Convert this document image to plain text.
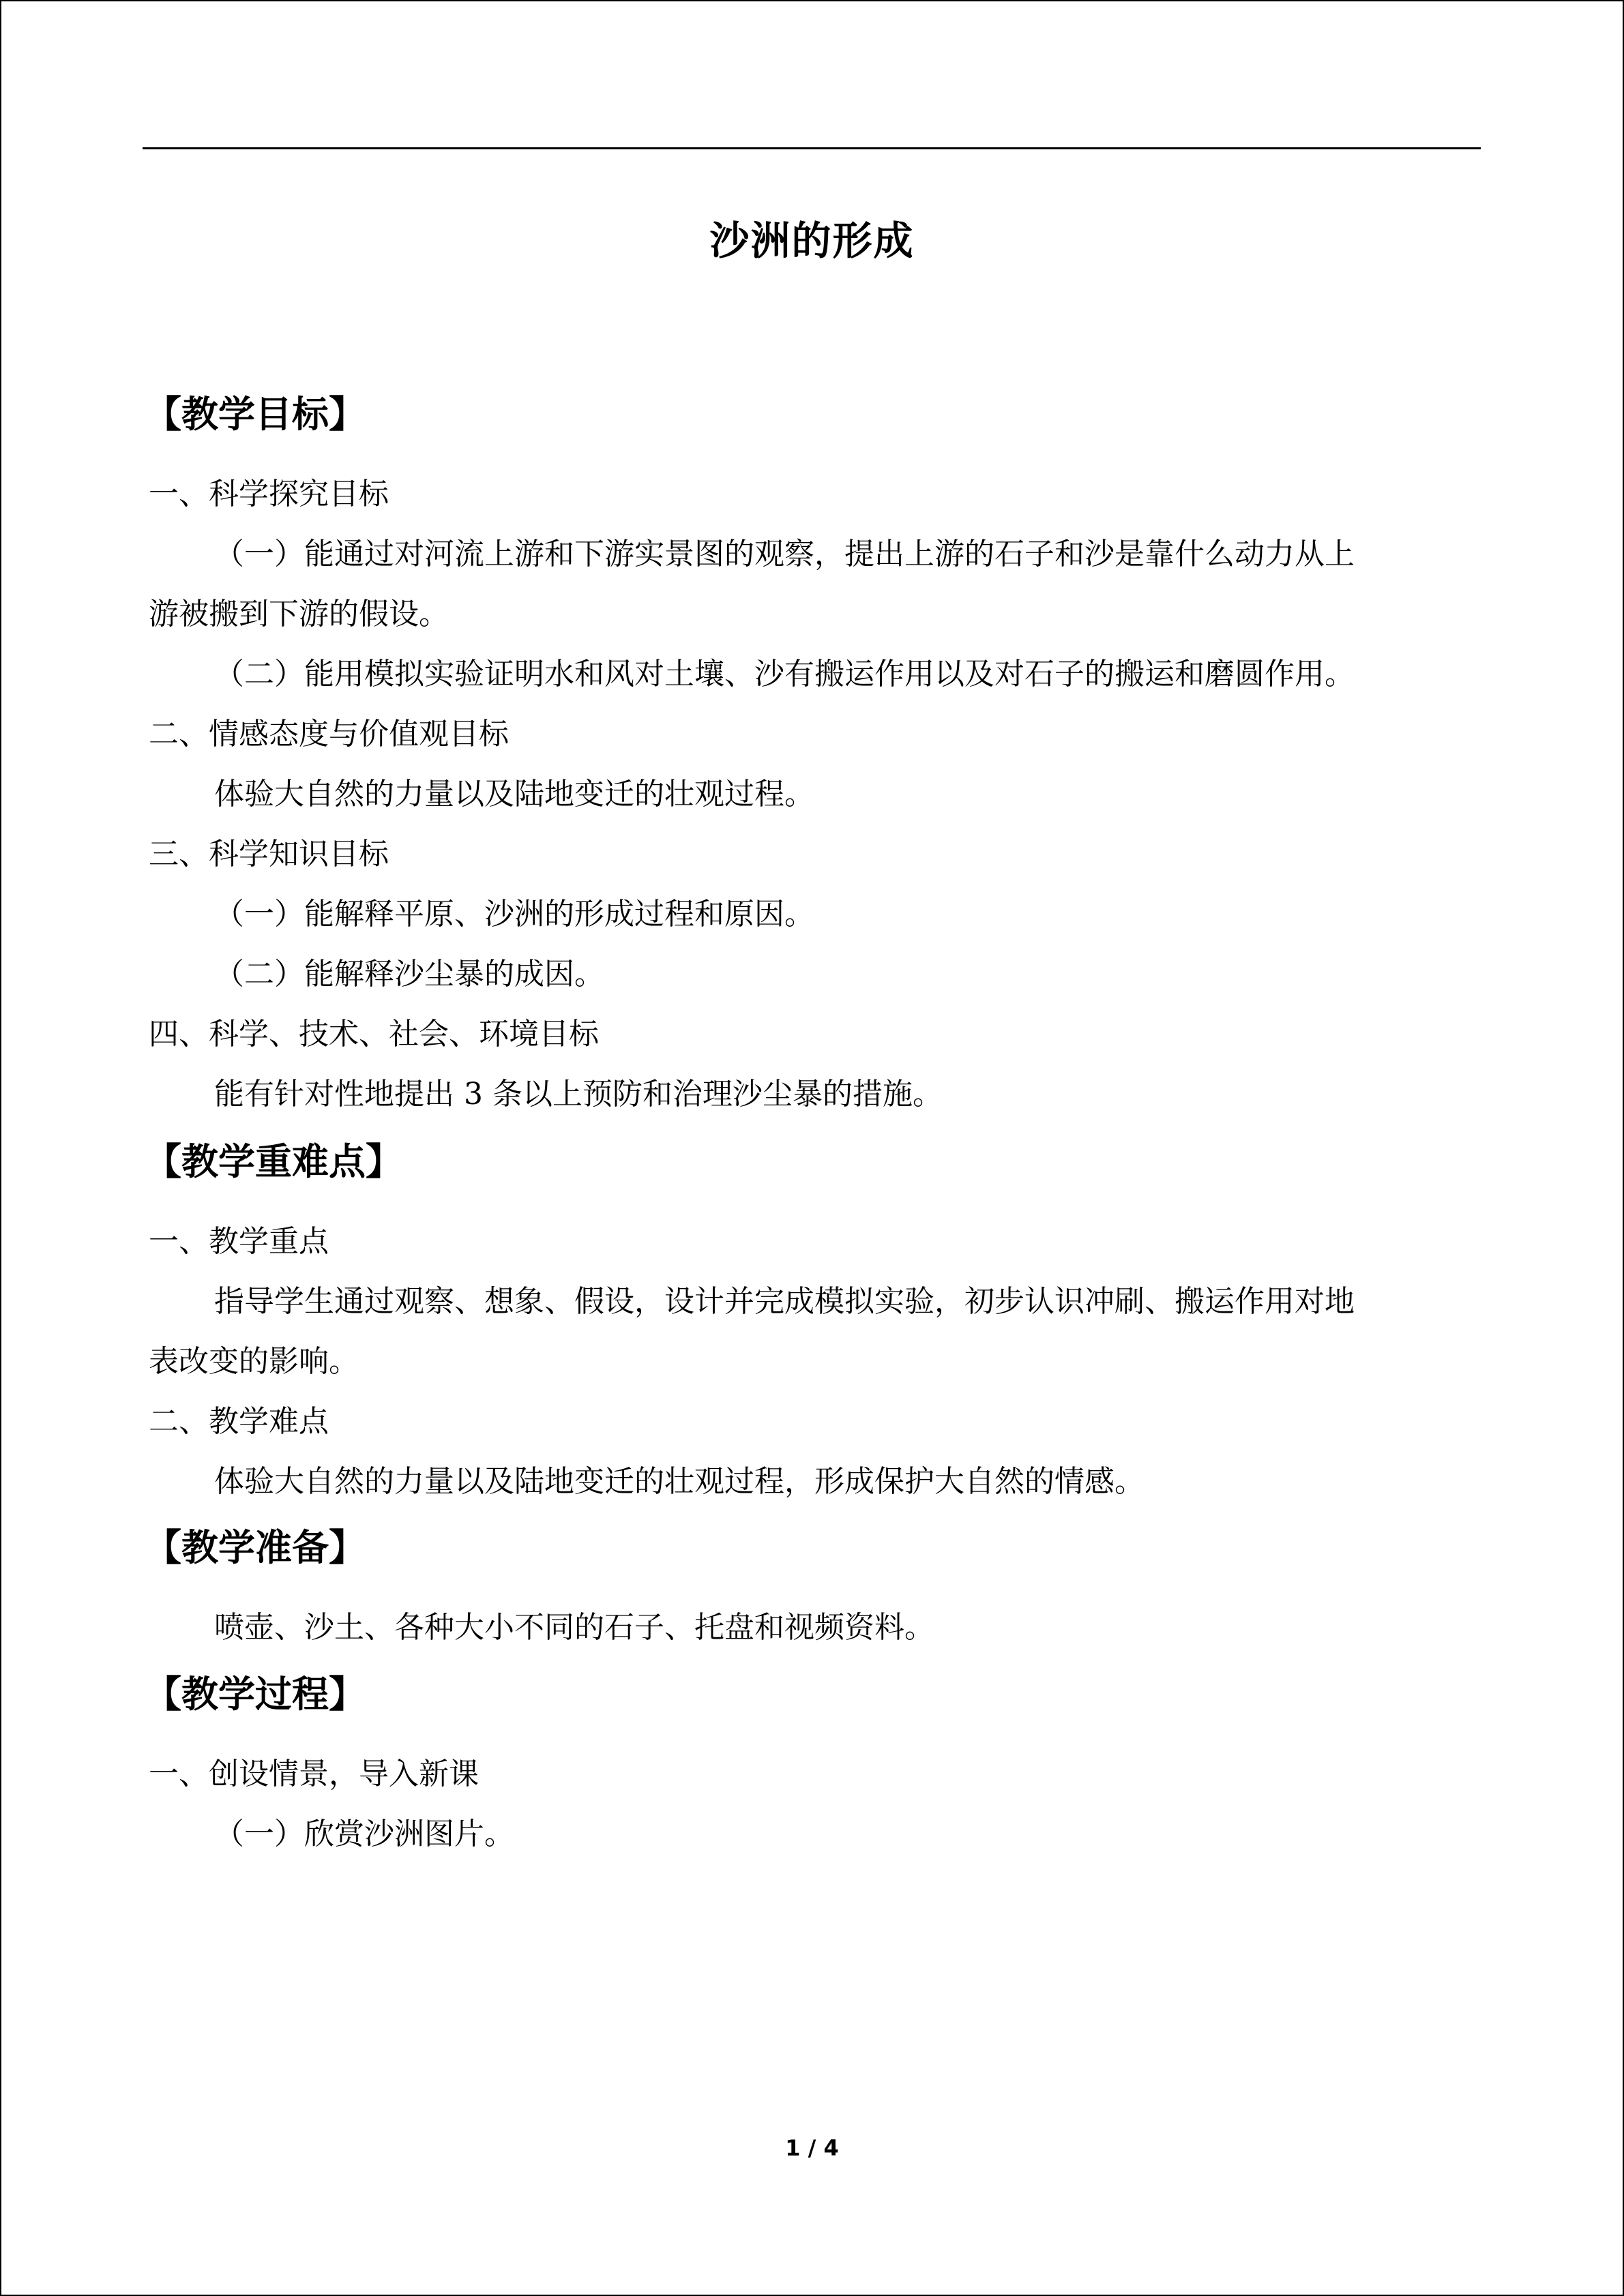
沙洲的形成
【教学目标】
一、科学探究目标
（一）能通过对河流上游和下游实景图的观察，提出上游的石子和沙是靠什么动力从上
游被搬到下游的假设。
（二）能用模拟实验证明水和风对土壤、沙有搬运作用以及对石子的搬运和磨圆作用。
二、情感态度与价值观目标
体验大自然的力量以及陆地变迁的壮观过程。
三、科学知识目标
（一）能解释平原、沙洲的形成过程和原因。
（二）能解释沙尘暴的成因。
四、科学、技术、社会、环境目标
能有针对性地提出 3 条以上预防和治理沙尘暴的措施。
【教学重难点】
一、教学重点
指导学生通过观察、想象、假设，设计并完成模拟实验，初步认识冲刷、搬运作用对地
表改变的影响。
二、教学难点
体验大自然的力量以及陆地变迁的壮观过程，形成保护大自然的情感。
【教学准备】
喷壶、沙土、各种大小不同的石子、托盘和视频资料。
【教学过程】
一、创设情景，导入新课
（一）欣赏沙洲图片。
1 / 4
